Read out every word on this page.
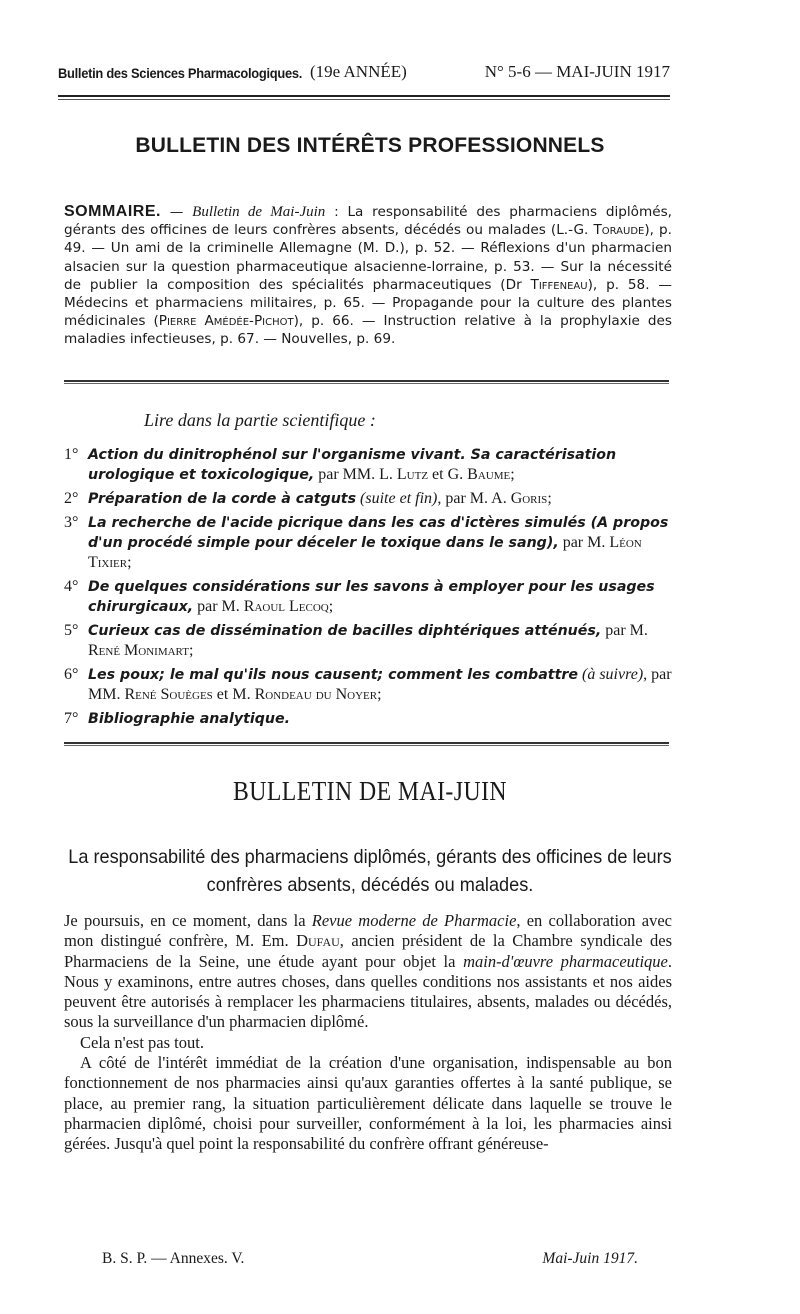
Bulletin des Sciences Pharmacologiques. (19e ANNÉE)	N° 5-6 — MAI-JUIN 1917
BULLETIN DES INTÉRÊTS PROFESSIONNELS
SOMMAIRE. — Bulletin de Mai-Juin : La responsabilité des pharmaciens diplômés, gérants des officines de leurs confrères absents, décédés ou malades (L.-G. Toraude), p. 49. — Un ami de la criminelle Allemagne (M. D.), p. 52. — Réflexions d'un pharmacien alsacien sur la question pharmaceutique alsacienne-lorraine, p. 53. — Sur la nécessité de publier la composition des spécialités pharmaceutiques (Dr Tiffeneau), p. 58. — Médecins et pharmaciens militaires, p. 65. — Propagande pour la culture des plantes médicinales (Pierre Amédée-Pichot), p. 66. — Instruction relative à la prophylaxie des maladies infectieuses, p. 67. — Nouvelles, p. 69.
Lire dans la partie scientifique :
1° Action du dinitrophénol sur l'organisme vivant. Sa caractérisation urologique et toxicologique, par MM. L. Lutz et G. Baume;
2° Préparation de la corde à catguts (suite et fin), par M. A. Goris;
3° La recherche de l'acide picrique dans les cas d'ictères simulés (A propos d'un procédé simple pour déceler le toxique dans le sang), par M. Léon Tixier;
4° De quelques considérations sur les savons à employer pour les usages chirurgicaux, par M. Raoul Lecoq;
5° Curieux cas de dissémination de bacilles diphtériques atténués, par M. René Monimart;
6° Les poux; le mal qu'ils nous causent; comment les combattre (à suivre), par MM. René Souèges et M. Rondeau du Noyer;
7° Bibliographie analytique.
BULLETIN DE MAI-JUIN
La responsabilité des pharmaciens diplômés, gérants des officines de leurs confrères absents, décédés ou malades.

Je poursuis, en ce moment, dans la Revue moderne de Pharmacie, en collaboration avec mon distingué confrère, M. Em. Dufau, ancien président de la Chambre syndicale des Pharmaciens de la Seine, une étude ayant pour objet la main-d'œuvre pharmaceutique. Nous y examinons, entre autres choses, dans quelles conditions nos assistants et nos aides peuvent être autorisés à remplacer les pharmaciens titulaires, absents, malades ou décédés, sous la surveillance d'un pharmacien diplômé.

Cela n'est pas tout.

A côté de l'intérêt immédiat de la création d'une organisation, indispensable au bon fonctionnement de nos pharmacies ainsi qu'aux garanties offertes à la santé publique, se place, au premier rang, la situation particulièrement délicate dans laquelle se trouve le pharmacien diplômé, choisi pour surveiller, conformément à la loi, les pharmacies ainsi gérées. Jusqu'à quel point la responsabilité du confrère offrant généreuse-

B. S. P. — Annexes. V.	Mai-Juin 1917.
